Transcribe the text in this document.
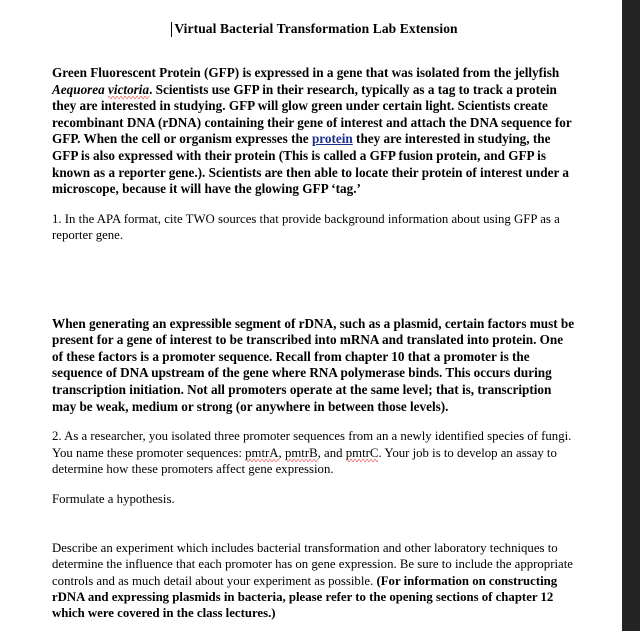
Virtual Bacterial Transformation Lab Extension

Green Fluorescent Protein (GFP) is expressed in a gene that was isolated from the jellyfish Aequorea victoria. Scientists use GFP in their research, typically as a tag to track a protein they are interested in studying. GFP will glow green under certain light. Scientists create recombinant DNA (rDNA) containing their gene of interest and attach the DNA sequence for GFP. When the cell or organism expresses the protein they are interested in studying, the GFP is also expressed with their protein (This is called a GFP fusion protein, and GFP is known as a reporter gene.). Scientists are then able to locate their protein of interest under a microscope, because it will have the glowing GFP ‘tag.’

1. In the APA format, cite TWO sources that provide background information about using GFP as a reporter gene.

When generating an expressible segment of rDNA, such as a plasmid, certain factors must be present for a gene of interest to be transcribed into mRNA and translated into protein. One of these factors is a promoter sequence. Recall from chapter 10 that a promoter is the sequence of DNA upstream of the gene where RNA polymerase binds. This occurs during transcription initiation. Not all promoters operate at the same level; that is, transcription may be weak, medium or strong (or anywhere in between those levels).

2. As a researcher, you isolated three promoter sequences from an a newly identified species of fungi. You name these promoter sequences: pmtrA, pmtrB, and pmtrC. Your job is to develop an assay to determine how these promoters affect gene expression.

Formulate a hypothesis.

Describe an experiment which includes bacterial transformation and other laboratory techniques to determine the influence that each promoter has on gene expression. Be sure to include the appropriate controls and as much detail about your experiment as possible. (For information on constructing rDNA and expressing plasmids in bacteria, please refer to the opening sections of chapter 12 which were covered in the class lectures.)
